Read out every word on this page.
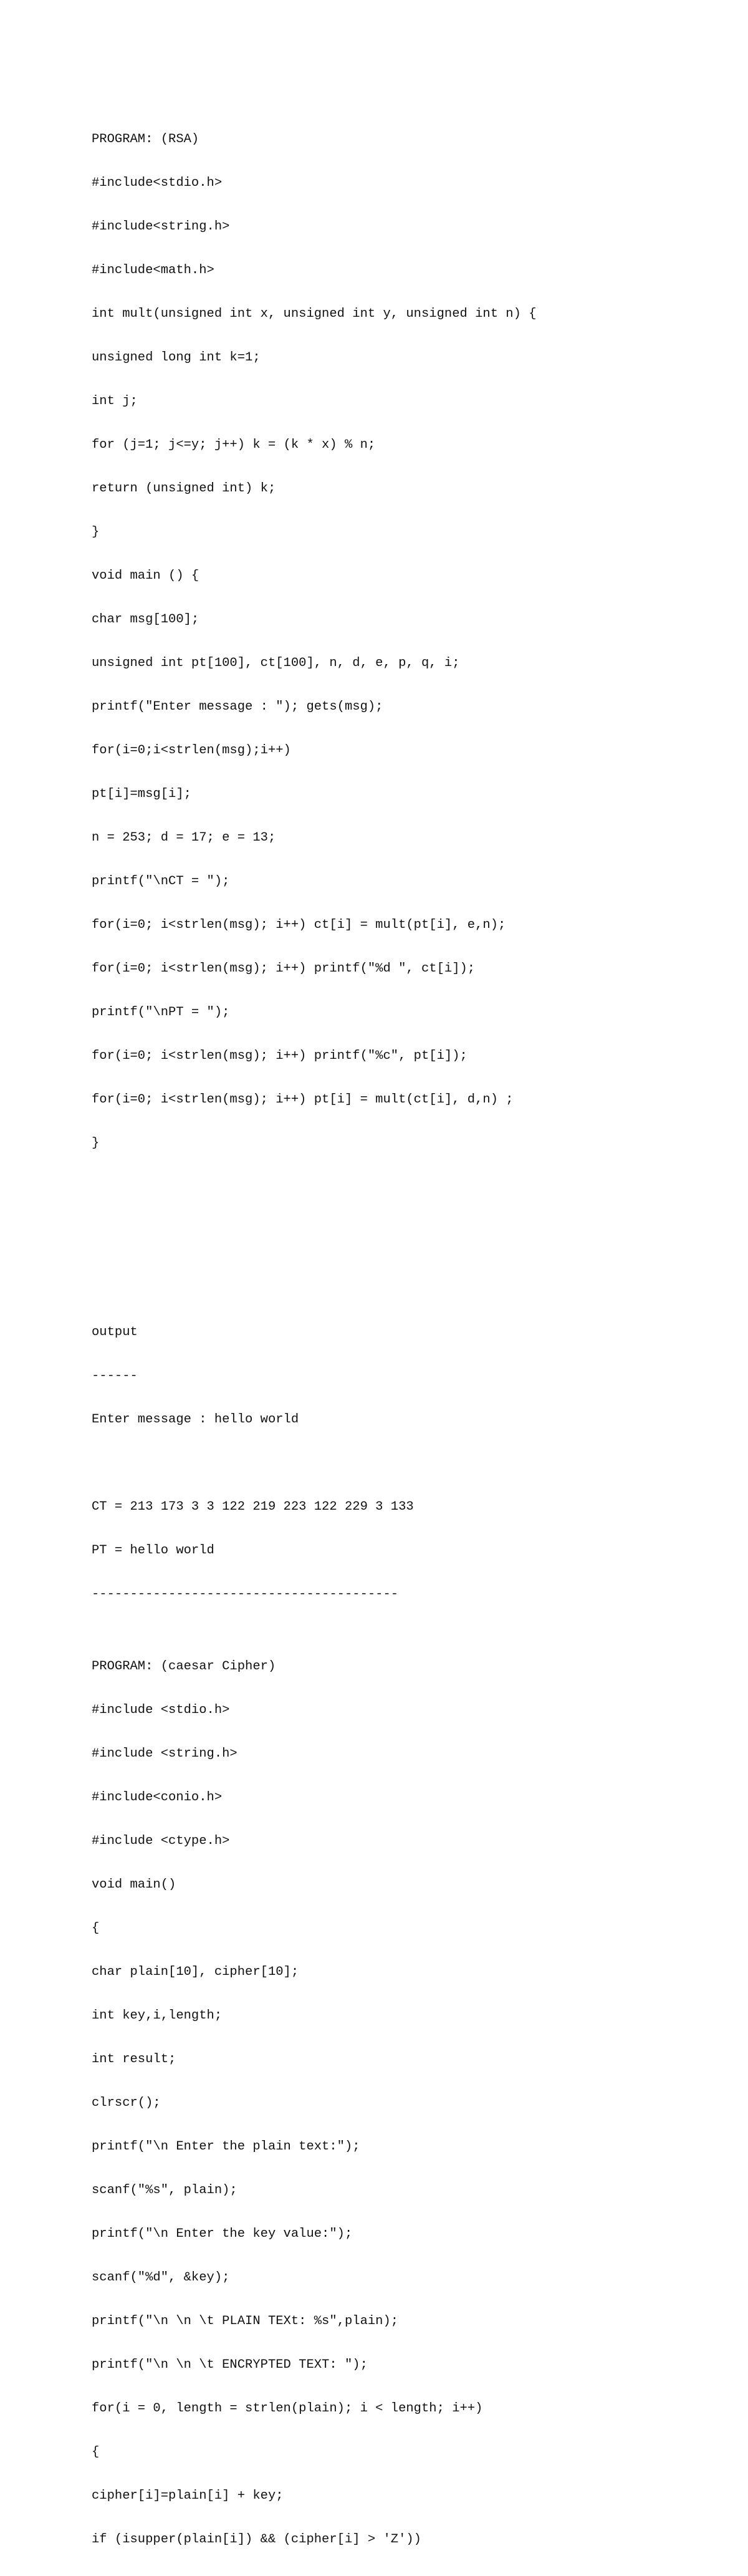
PROGRAM: (RSA)

#include<stdio.h>

#include<string.h>

#include<math.h>

int mult(unsigned int x, unsigned int y, unsigned int n) {

unsigned long int k=1;

int j;

for (j=1; j<=y; j++) k = (k * x) % n;

return (unsigned int) k;

}

void main () {

char msg[100];

unsigned int pt[100], ct[100], n, d, e, p, q, i;

printf("Enter message : "); gets(msg);

for(i=0;i<strlen(msg);i++)

pt[i]=msg[i];

n = 253; d = 17; e = 13;

printf("\nCT = ");

for(i=0; i<strlen(msg); i++) ct[i] = mult(pt[i], e,n);

for(i=0; i<strlen(msg); i++) printf("%d ", ct[i]);

printf("\nPT = ");

for(i=0; i<strlen(msg); i++) printf("%c", pt[i]);

for(i=0; i<strlen(msg); i++) pt[i] = mult(ct[i], d,n) ;

}

output

------

Enter message : hello world

CT = 213 173 3 3 122 219 223 122 229 3 133

PT = hello world

----------------------------------------

PROGRAM: (caesar Cipher)

#include <stdio.h>

#include <string.h>

#include<conio.h>

#include <ctype.h>

void main()

{

char plain[10], cipher[10];

int key,i,length;

int result;

clrscr();

printf("\n Enter the plain text:");

scanf("%s", plain);

printf("\n Enter the key value:");

scanf("%d", &key);

printf("\n \n \t PLAIN TEXt: %s",plain);

printf("\n \n \t ENCRYPTED TEXT: ");

for(i = 0, length = strlen(plain); i < length; i++)

{

cipher[i]=plain[i] + key;

if (isupper(plain[i]) && (cipher[i] > 'Z'))
